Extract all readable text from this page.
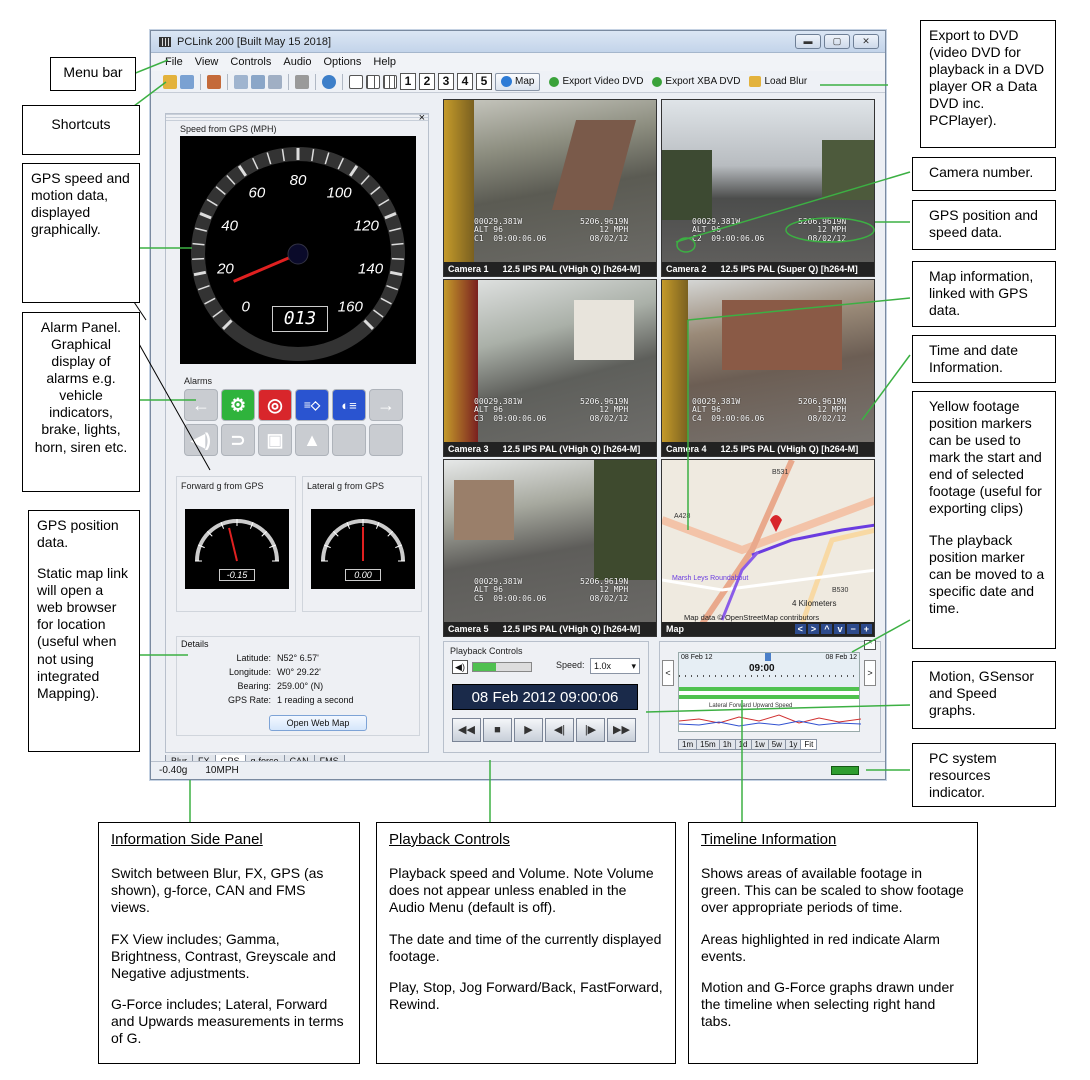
PCLink 200 [Built May 15 2018]	▬	▢	✕
File View Controls Audio Options Help
1	2	3	4	5	Map	Export Video DVD Export XBA DVD Load Blur
×
Speed from GPS (MPH)
0
20
40
60
80
100
120
140
160
013
Alarms
←	⚙	◎	≡◇	◐≡	→
◀)	⊃	▣	▲
Forward g from GPS
-0.15
Lateral g from GPS
0.00
Details
Latitude: N52° 6.57'
Longitude: W0° 29.22'
Bearing: 259.00° (N)
GPS Rate: 1 reading a second
Open Web Map
00029.381W
ALT 96
C1 09:00:06.06
5206.9619N
12 MPH
08/02/12
Camera 1 12.5 IPS PAL (VHigh Q) [h264-M]
00029.381W
ALT 96
C2 09:00:06.06
5206.9619N
12 MPH
08/02/12
Camera 2 12.5 IPS PAL (Super Q) [h264-M]
00029.381W
ALT 96
C3 09:00:06.06
5206.9619N
12 MPH
08/02/12
Camera 3 12.5 IPS PAL (VHigh Q) [h264-M]
00029.381W
ALT 96
C4 09:00:06.06
5206.9619N
12 MPH
08/02/12
Camera 4 12.5 IPS PAL (VHigh Q) [h264-M]
00029.381W
ALT 96
C5 09:00:06.06
5206.9619N
12 MPH
08/02/12
Camera 5 12.5 IPS PAL (VHigh Q) [h264-M]
A428
B531
Marsh Leys Roundabout
B530
4 Kilometers
Map data © OpenStreetMap contributors
Map	< > ^ v − +
Playback Controls
◀)	Speed:	1.0x ▾
08 Feb 2012 09:00:06
◀◀	■	▶	◀|	|▶	▶▶
^
<	>
08 Feb 12	08 Feb 12
09:00
Lateral Forward Upward Speed
1m 15m 1h 1d 1w 5w 1y Fit
-0.40g 10MPH
Menu bar
Shortcuts
GPS speed and motion data, displayed graphically.
Alarm Panel. Graphical display of alarms e.g. vehicle indicators, brake, lights, horn, siren etc.
GPS position data.
Static map link will open a web browser for location (useful when not using integrated Mapping).
Export to DVD (video DVD for playback in a DVD player OR a Data DVD inc. PCPlayer).
Camera number.
GPS position and speed data.
Map information, linked with GPS data.
Time and date Information.
Yellow footage position markers can be used to mark the start and end of selected footage (useful for exporting clips)
The playback position marker can be moved to a specific date and time.
Motion, GSensor and Speed graphs.
PC system resources indicator.
Information Side Panel

Switch between Blur, FX, GPS (as shown), g-force, CAN and FMS views.

FX View includes; Gamma, Brightness, Contrast, Greyscale and Negative adjustments.

G-Force includes; Lateral, Forward and Upwards measurements in terms of G.

Playback Controls

Playback speed and Volume. Note Volume does not appear unless enabled in the Audio Menu (default is off).

The date and time of the currently displayed footage.

Play, Stop, Jog Forward/Back, FastForward, Rewind.

Timeline Information

Shows areas of available footage in green. This can be scaled to show footage over appropriate periods of time.

Areas highlighted in red indicate Alarm events.

Motion and G-Force graphs drawn under the timeline when selecting right hand tabs.
